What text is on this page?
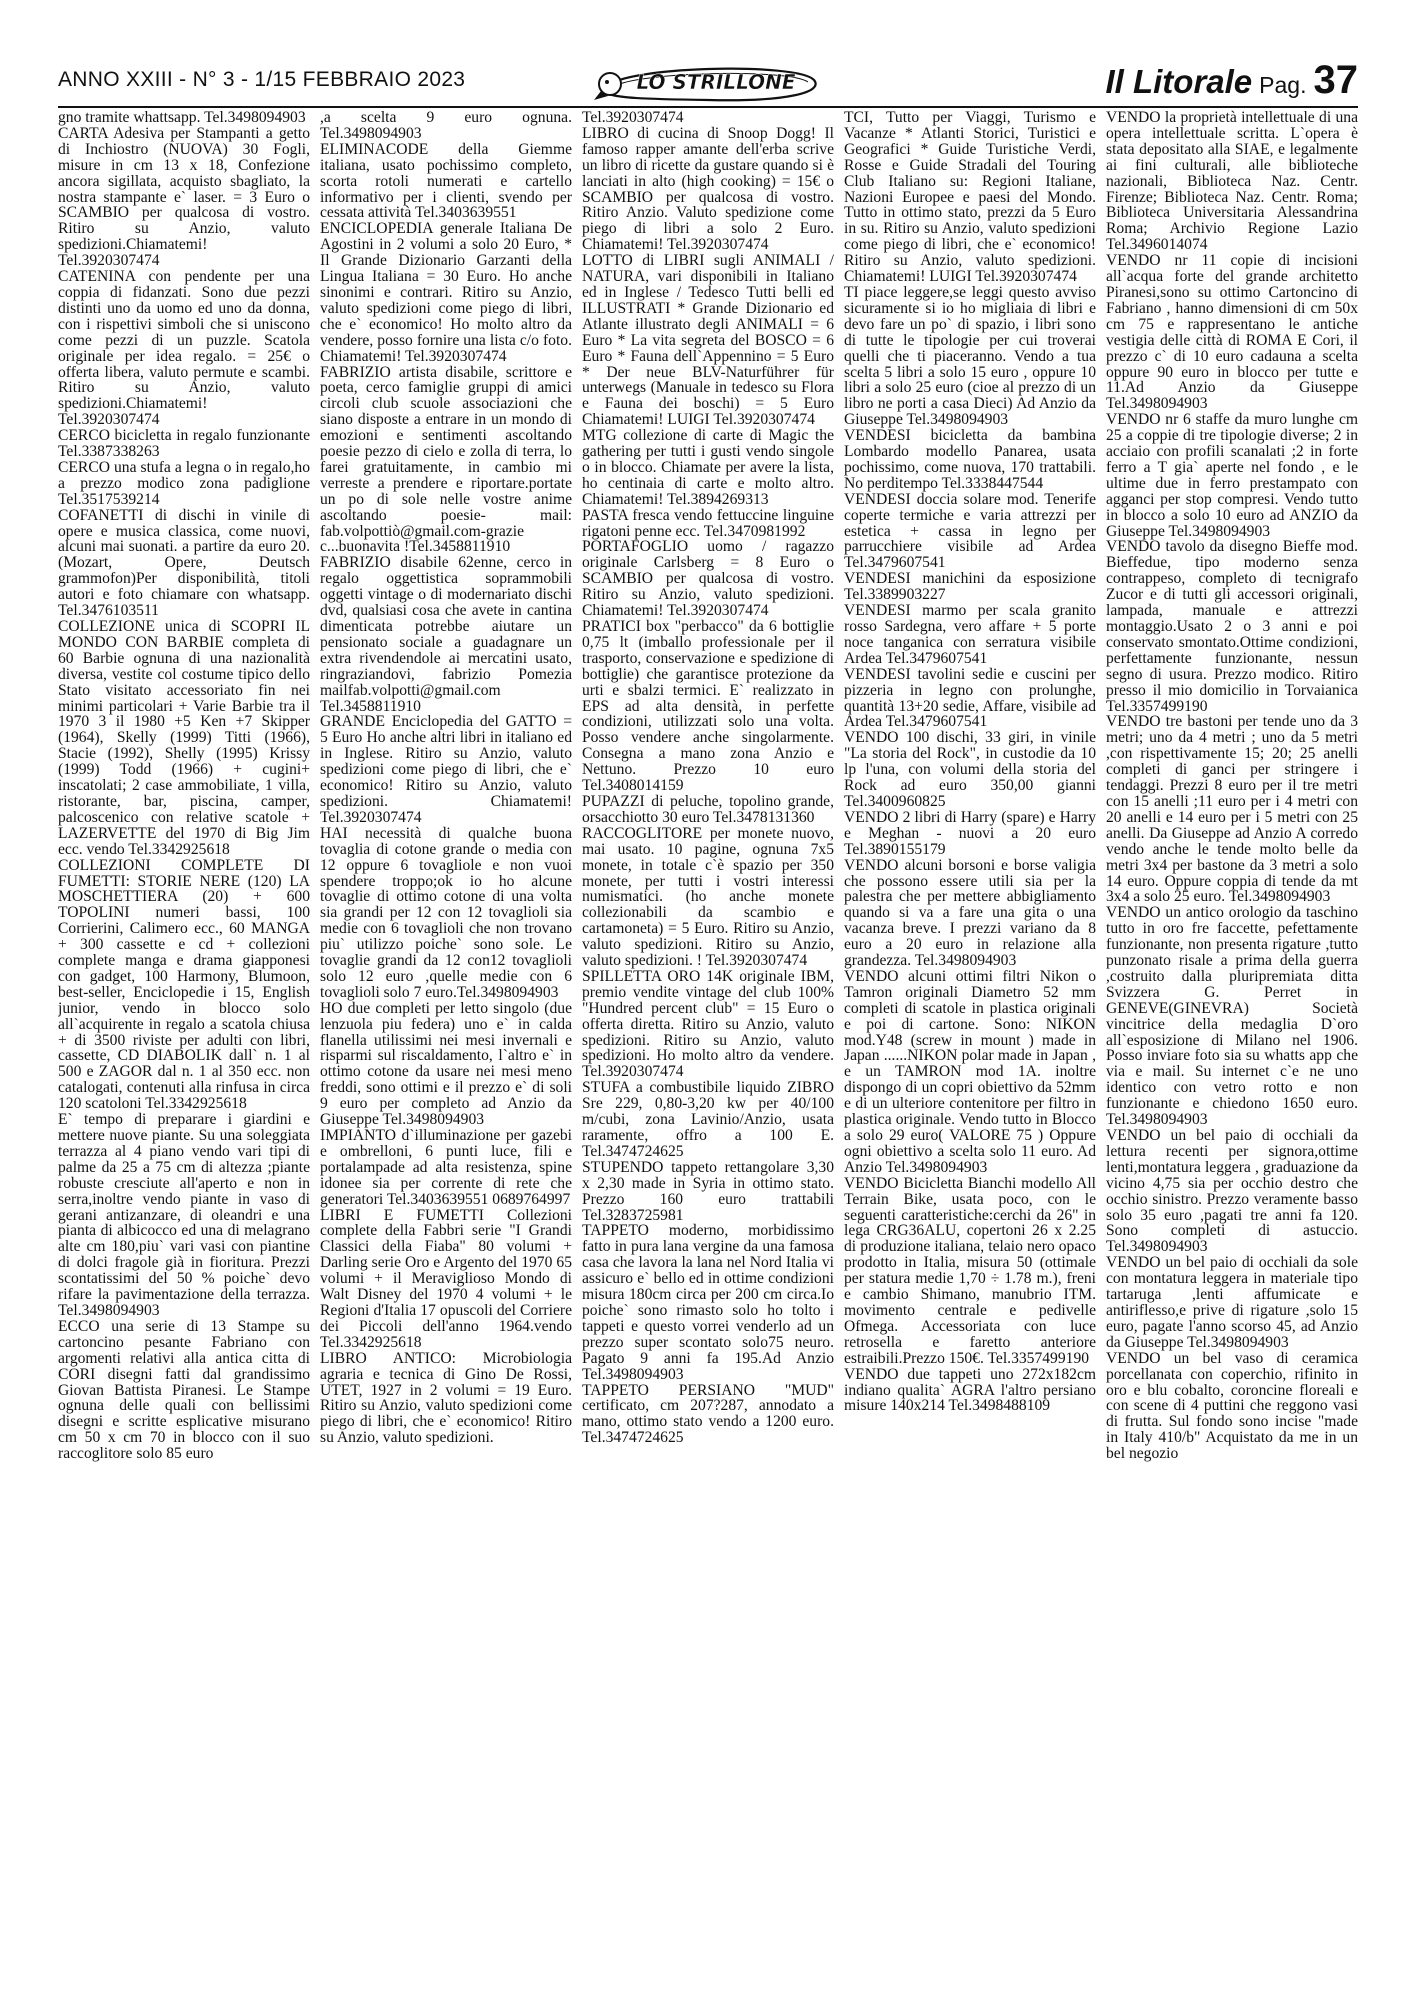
ANNO XXIII - N° 3 - 1/15 FEBBRAIO 2023	LO STRILLONE	Il Litorale Pag. 37

gno tramite whattsapp. Tel.3498094903

CARTA Adesiva per Stampanti a getto di Inchiostro (NUOVA) 30 Fogli, misure in cm 13 x 18, Confezione ancora sigillata, acquisto sbagliato, la nostra stampante e` laser. = 3 Euro o SCAMBIO per qualcosa di vostro. Ritiro su Anzio, valuto spedizioni.Chiamatemi! Tel.3920307474

CATENINA con pendente per una coppia di fidanzati. Sono due pezzi distinti uno da uomo ed uno da donna, con i rispettivi simboli che si uniscono come pezzi di un puzzle. Scatola originale per idea regalo. = 25€ o offerta libera, valuto permute e scambi. Ritiro su Anzio, valuto spedizioni.Chiamatemi! Tel.3920307474

CERCO bicicletta in regalo funzionante Tel.3387338263

CERCO una stufa a legna o in regalo,ho a prezzo modico zona padiglione Tel.3517539214

COFANETTI di dischi in vinile di opere e musica classica, come nuovi, alcuni mai suonati. a partire da euro 20. (Mozart, Opere, Deutsch grammofon)Per disponibilità, titoli autori e foto chiamare con whatsapp. Tel.3476103511

COLLEZIONE unica di SCOPRI IL MONDO CON BARBIE completa di 60 Barbie ognuna di una nazionalità diversa, vestite col costume tipico dello Stato visitato accessoriato fin nei minimi particolari + Varie Barbie tra il 1970 3 il 1980 +5 Ken +7 Skipper (1964), Skelly (1999) Titti (1966), Stacie (1992), Shelly (1995) Krissy (1999) Todd (1966) + cugini+ inscatolati; 2 case ammobiliate, 1 villa, ristorante, bar, piscina, camper, palcoscenico con relative scatole + LAZERVETTE del 1970 di Big Jim ecc. vendo Tel.3342925618

COLLEZIONI COMPLETE DI FUMETTI: STORIE NERE (120) LA MOSCHETTIERA (20) + 600 TOPOLINI numeri bassi, 100 Corrierini, Calimero ecc., 60 MANGA + 300 cassette e cd + collezioni complete manga e drama giapponesi con gadget, 100 Harmony, Blumoon, best-seller, Enciclopedie i 15, English junior, vendo in blocco solo all`acquirente in regalo a scatola chiusa + di 3500 riviste per adulti con libri, cassette, CD DIABOLIK dall` n. 1 al 500 e ZAGOR dal n. 1 al 350 ecc. non catalogati, contenuti alla rinfusa in circa 120 scatoloni Tel.3342925618

E` tempo di preparare i giardini e mettere nuove piante. Su una soleggiata terrazza al 4 piano vendo vari tipi di palme da 25 a 75 cm di altezza ;piante robuste cresciute all'aperto e non in serra,inoltre vendo piante in vaso di gerani antizanzare, di oleandri e una pianta di albicocco ed una di melagrano alte cm 180,piu` vari vasi con piantine di dolci fragole già in fioritura. Prezzi scontatissimi del 50 % poiche` devo rifare la pavimentazione della terrazza. Tel.3498094903

ECCO una serie di 13 Stampe su cartoncino pesante Fabriano con argomenti relativi alla antica citta di CORI disegni fatti dal grandissimo Giovan Battista Piranesi. Le Stampe ognuna delle quali con bellissimi disegni e scritte esplicative misurano cm 50 x cm 70 in blocco con il suo raccoglitore solo 85 euro

,a scelta 9 euro ognuna. Tel.3498094903

ELIMINACODE della Giemme italiana, usato pochissimo completo, scorta rotoli numerati e cartello informativo per i clienti, svendo per cessata attività Tel.3403639551

ENCICLOPEDIA generale Italiana De Agostini in 2 volumi a solo 20 Euro, * Il Grande Dizionario Garzanti della Lingua Italiana = 30 Euro. Ho anche sinonimi e contrari. Ritiro su Anzio, valuto spedizioni come piego di libri, che e` economico! Ho molto altro da vendere, posso fornire una lista c/o foto. Chiamatemi! Tel.3920307474

FABRIZIO artista disabile, scrittore e poeta, cerco famiglie gruppi di amici circoli club scuole associazioni che siano disposte a entrare in un mondo di emozioni e sentimenti ascoltando poesie pezzo di cielo e zolla di terra, lo farei gratuitamente, in cambio mi verreste a prendere e riportare.portate un po di sole nelle vostre anime ascoltando poesie- mail: fab.volpottiò@gmail.com-grazie c...buonavita !Tel.3458811910

FABRIZIO disabile 62enne, cerco in regalo oggettistica soprammobili oggetti vintage o di modernariato dischi dvd, qualsiasi cosa che avete in cantina dimenticata potrebbe aiutare un pensionato sociale a guadagnare un extra rivendendole ai mercatini usato, ringraziandovi, fabrizio Pomezia mailfab.volpotti@gmail.com Tel.3458811910

GRANDE Enciclopedia del GATTO = 5 Euro Ho anche altri libri in italiano ed in Inglese. Ritiro su Anzio, valuto spedizioni come piego di libri, che e` economico! Ritiro su Anzio, valuto spedizioni. Chiamatemi! Tel.3920307474

HAI necessità di qualche buona tovaglia di cotone grande o media con 12 oppure 6 tovagliole e non vuoi spendere troppo;ok io ho alcune tovaglie di ottimo cotone di una volta sia grandi per 12 con 12 tovaglioli sia medie con 6 tovaglioli che non trovano piu` utilizzo poiche` sono sole. Le tovaglie grandi da 12 con12 tovaglioli solo 12 euro ,quelle medie con 6 tovaglioli solo 7 euro.Tel.3498094903

HO due completi per letto singolo (due lenzuola piu federa) uno e` in calda flanella utilissimi nei mesi invernali e risparmi sul riscaldamento, l`altro e` in ottimo cotone da usare nei mesi meno freddi, sono ottimi e il prezzo e` di soli 9 euro per completo ad Anzio da Giuseppe Tel.3498094903

IMPIANTO d`illuminazione per gazebi e ombrelloni, 6 punti luce, fili e portalampade ad alta resistenza, spine idonee sia per corrente di rete che generatori Tel.3403639551 0689764997

LIBRI E FUMETTI Collezioni complete della Fabbri serie "I Grandi Classici della Fiaba" 80 volumi + Darling serie Oro e Argento del 1970 65 volumi + il Meraviglioso Mondo di Walt Disney del 1970 4 volumi + le Regioni d'Italia 17 opuscoli del Corriere dei Piccoli dell'anno 1964.vendo Tel.3342925618

LIBRO ANTICO: Microbiologia agraria e tecnica di Gino De Rossi, UTET, 1927 in 2 volumi = 19 Euro. Ritiro su Anzio, valuto spedizioni come piego di libri, che e` economico! Ritiro su Anzio, valuto spedizioni.

Tel.3920307474

LIBRO di cucina di Snoop Dogg! Il famoso rapper amante dell'erba scrive un libro di ricette da gustare quando si è lanciati in alto (high cooking) = 15€ o SCAMBIO per qualcosa di vostro. Ritiro Anzio. Valuto spedizione come piego di libri a solo 2 Euro. Chiamatemi! Tel.3920307474

LOTTO di LIBRI sugli ANIMALI / NATURA, vari disponibili in Italiano ed in Inglese / Tedesco Tutti belli ed ILLUSTRATI * Grande Dizionario ed Atlante illustrato degli ANIMALI = 6 Euro * La vita segreta del BOSCO = 6 Euro * Fauna dell`Appennino = 5 Euro * Der neue BLV-Naturführer für unterwegs (Manuale in tedesco su Flora e Fauna dei boschi) = 5 Euro Chiamatemi! LUIGI Tel.3920307474

MTG collezione di carte di Magic the gathering per tutti i gusti vendo singole o in blocco. Chiamate per avere la lista, ho centinaia di carte e molto altro. Chiamatemi! Tel.3894269313

PASTA fresca vendo fettuccine linguine rigatoni penne ecc. Tel.3470981992

PORTAFOGLIO uomo / ragazzo originale Carlsberg = 8 Euro o SCAMBIO per qualcosa di vostro. Ritiro su Anzio, valuto spedizioni. Chiamatemi! Tel.3920307474

PRATICI box "perbacco" da 6 bottiglie 0,75 lt (imballo professionale per il trasporto, conservazione e spedizione di bottiglie) che garantisce protezione da urti e sbalzi termici. E` realizzato in EPS ad alta densità, in perfette condizioni, utilizzati solo una volta. Posso vendere anche singolarmente. Consegna a mano zona Anzio e Nettuno. Prezzo 10 euro Tel.3408014159

PUPAZZI di peluche, topolino grande, orsacchiotto 30 euro Tel.3478131360

RACCOGLITORE per monete nuovo, mai usato. 10 pagine, ognuna 7x5 monete, in totale c`è spazio per 350 monete, per tutti i vostri interessi numismatici. (ho anche monete collezionabili da scambio e cartamoneta) = 5 Euro. Ritiro su Anzio, valuto spedizioni. Ritiro su Anzio, valuto spedizioni. ! Tel.3920307474

SPILLETTA ORO 14K originale IBM, premio vendite vintage del club 100% "Hundred percent club" = 15 Euro o offerta diretta. Ritiro su Anzio, valuto spedizioni. Ritiro su Anzio, valuto spedizioni. Ho molto altro da vendere. Tel.3920307474

STUFA a combustibile liquido ZIBRO Sre 229, 0,80-3,20 kw per 40/100 m/cubi, zona Lavinio/Anzio, usata raramente, offro a 100 E. Tel.3474724625

STUPENDO tappeto rettangolare 3,30 x 2,30 made in Syria in ottimo stato. Prezzo 160 euro trattabili Tel.3283725981

TAPPETO moderno, morbidissimo fatto in pura lana vergine da una famosa casa che lavora la lana nel Nord Italia vi assicuro e` bello ed in ottime condizioni misura 180cm circa per 200 cm circa.Io poiche` sono rimasto solo ho tolto i tappeti e questo vorrei venderlo ad un prezzo super scontato solo75 neuro. Pagato 9 anni fa 195.Ad Anzio Tel.3498094903

TAPPETO PERSIANO "MUD" certificato, cm 207?287, annodato a mano, ottimo stato vendo a 1200 euro. Tel.3474724625

TCI, Tutto per Viaggi, Turismo e Vacanze * Atlanti Storici, Turistici e Geografici * Guide Turistiche Verdi, Rosse e Guide Stradali del Touring Club Italiano su: Regioni Italiane, Nazioni Europee e paesi del Mondo. Tutto in ottimo stato, prezzi da 5 Euro in su. Ritiro su Anzio, valuto spedizioni come piego di libri, che e` economico! Ritiro su Anzio, valuto spedizioni. Chiamatemi! LUIGI Tel.3920307474

TI piace leggere,se leggi questo avviso sicuramente si io ho migliaia di libri e devo fare un po` di spazio, i libri sono di tutte le tipologie per cui troverai quelli che ti piaceranno. Vendo a tua scelta 5 libri a solo 15 euro , oppure 10 libri a solo 25 euro (cioe al prezzo di un libro ne porti a casa Dieci) Ad Anzio da Giuseppe Tel.3498094903

VENDESI bicicletta da bambina Lombardo modello Panarea, usata pochissimo, come nuova, 170 trattabili. No perditempo Tel.3338447544

VENDESI doccia solare mod. Tenerife coperte termiche e varia attrezzi per estetica + cassa in legno per parrucchiere visibile ad Ardea Tel.3479607541

VENDESI manichini da esposizione Tel.3389903227

VENDESI marmo per scala granito rosso Sardegna, vero affare + 5 porte noce tanganica con serratura visibile Ardea Tel.3479607541

VENDESI tavolini sedie e cuscini per pizzeria in legno con prolunghe, quantità 13+20 sedie, Affare, visibile ad Ardea Tel.3479607541

VENDO 100 dischi, 33 giri, in vinile "La storia del Rock", in custodie da 10 lp l'una, con volumi della storia del Rock ad euro 350,00 gianni Tel.3400960825

VENDO 2 libri di Harry (spare) e Harry e Meghan - nuovi a 20 euro Tel.3890155179

VENDO alcuni borsoni e borse valigia che possono essere utili sia per la palestra che per mettere abbigliamento quando si va a fare una gita o una vacanza breve. I prezzi variano da 8 euro a 20 euro in relazione alla grandezza. Tel.3498094903

VENDO alcuni ottimi filtri Nikon o Tamron originali Diametro 52 mm completi di scatole in plastica originali e poi di cartone. Sono: NIKON mod.Y48 (screw in mount ) made in Japan ......NIKON polar made in Japan , e un TAMRON mod 1A. inoltre dispongo di un copri obiettivo da 52mm e di un ulteriore contenitore per filtro in plastica originale. Vendo tutto in Blocco a solo 29 euro( VALORE 75 ) Oppure ogni obiettivo a scelta solo 11 euro. Ad Anzio Tel.3498094903

VENDO Bicicletta Bianchi modello All Terrain Bike, usata poco, con le seguenti caratteristiche:cerchi da 26" in lega CRG36ALU, copertoni 26 x 2.25 di produzione italiana, telaio nero opaco prodotto in Italia, misura 50 (ottimale per statura medie 1,70 ÷ 1.78 m.), freni e cambio Shimano, manubrio ITM. movimento centrale e pedivelle Ofmega. Accessoriata con luce retrosella e faretto anteriore estraibili.Prezzo 150€. Tel.3357499190

VENDO due tappeti uno 272x182cm indiano qualita` AGRA l'altro persiano misure 140x214 Tel.3498488109

VENDO la proprietà intellettuale di una opera intellettuale scritta. L`opera è stata depositato alla SIAE, e legalmente ai fini culturali, alle biblioteche nazionali, Biblioteca Naz. Centr. Firenze; Biblioteca Naz. Centr. Roma; Biblioteca Universitaria Alessandrina Roma; Archivio Regione Lazio Tel.3496014074

VENDO nr 11 copie di incisioni all`acqua forte del grande architetto Piranesi,sono su ottimo Cartoncino di Fabriano , hanno dimensioni di cm 50x cm 75 e rappresentano le antiche vestigia delle città di ROMA E Cori, il prezzo c` di 10 euro cadauna a scelta oppure 90 euro in blocco per tutte e 11.Ad Anzio da Giuseppe Tel.3498094903

VENDO nr 6 staffe da muro lunghe cm 25 a coppie di tre tipologie diverse; 2 in acciaio con profili scanalati ;2 in forte ferro a T gia` aperte nel fondo , e le ultime due in ferro prestampato con agganci per stop compresi. Vendo tutto in blocco a solo 10 euro ad ANZIO da Giuseppe Tel.3498094903

VENDO tavolo da disegno Bieffe mod. Bieffedue, tipo moderno senza contrappeso, completo di tecnigrafo Zucor e di tutti gli accessori originali, lampada, manuale e attrezzi montaggio.Usato 2 o 3 anni e poi conservato smontato.Ottime condizioni, perfettamente funzionante, nessun segno di usura. Prezzo modico. Ritiro presso il mio domicilio in Torvaianica Tel.3357499190

VENDO tre bastoni per tende uno da 3 metri; uno da 4 metri ; uno da 5 metri ,con rispettivamente 15; 20; 25 anelli completi di ganci per stringere i tendaggi. Prezzi 8 euro per il tre metri con 15 anelli ;11 euro per i 4 metri con 20 anelli e 14 euro per i 5 metri con 25 anelli. Da Giuseppe ad Anzio A corredo vendo anche le tende molto belle da metri 3x4 per bastone da 3 metri a solo 14 euro. Oppure coppia di tende da mt 3x4 a solo 25 euro. Tel.3498094903

VENDO un antico orologio da taschino tutto in oro fre faccette, pefettamente funzionante, non presenta rigature ,tutto punzonato risale a prima della guerra ,costruito dalla pluripremiata ditta Svizzera G. Perret in GENEVE(GINEVRA) Società vincitrice della medaglia D`oro all`esposizione di Milano nel 1906. Posso inviare foto sia su whatts app che via e mail. Su internet c`e ne uno identico con vetro rotto e non funzionante e chiedono 1650 euro. Tel.3498094903

VENDO un bel paio di occhiali da lettura recenti per signora,ottime lenti,montatura leggera , graduazione da vicino 4,75 sia per occhio destro che occhio sinistro. Prezzo veramente basso solo 35 euro ,pagati tre anni fa 120. Sono completi di astuccio. Tel.3498094903

VENDO un bel paio di occhiali da sole con montatura leggera in materiale tipo tartaruga ,lenti affumicate e antiriflesso,e prive di rigature ,solo 15 euro, pagate l'anno scorso 45, ad Anzio da Giuseppe Tel.3498094903

VENDO un bel vaso di ceramica porcellanata con coperchio, rifinito in oro e blu cobalto, coroncine floreali e con scene di 4 puttini che reggono vasi di frutta. Sul fondo sono incise "made in Italy 410/b" Acquistato da me in un bel negozio
